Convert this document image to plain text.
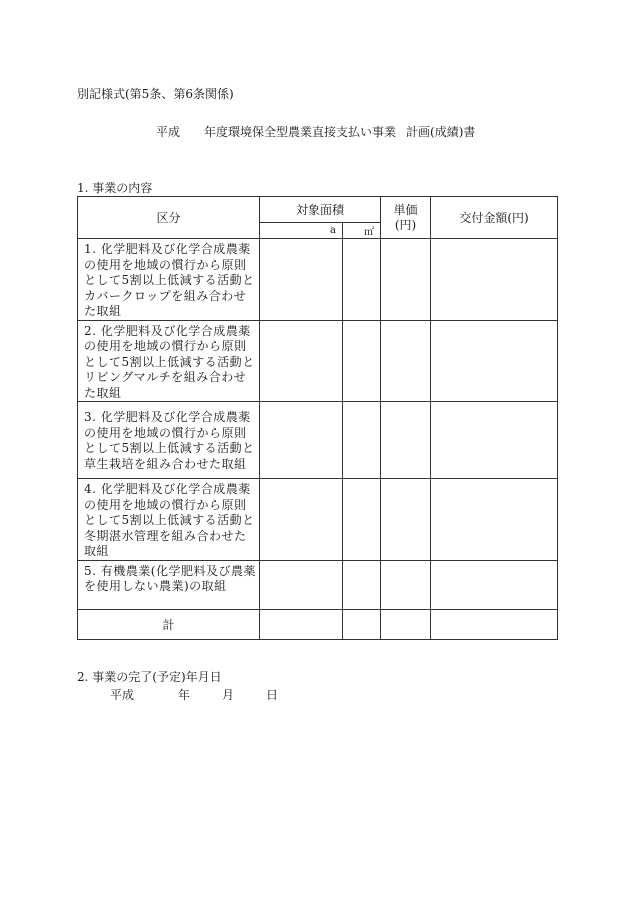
別記様式(第5条、第6条関係)
平成 年度環境保全型農業直接支払い事業 計画(成績)書
1. 事業の内容
区分	対象面積		単価(円)	交付金額(円)
	a	㎡		
1. 化学肥料及び化学合成農薬の使用を地域の慣行から原則として5割以上低減する活動とカバークロップを組み合わせた取組				
2. 化学肥料及び化学合成農薬の使用を地域の慣行から原則として5割以上低減する活動とリビングマルチを組み合わせた取組				
3. 化学肥料及び化学合成農薬の使用を地域の慣行から原則として5割以上低減する活動と草生栽培を組み合わせた取組				
4. 化学肥料及び化学合成農薬の使用を地域の慣行から原則として5割以上低減する活動と冬期湛水管理を組み合わせた取組				
5. 有機農業(化学肥料及び農薬を使用しない農業)の取組				
計				
2. 事業の完了(予定)年月日
平成	年	月	日
